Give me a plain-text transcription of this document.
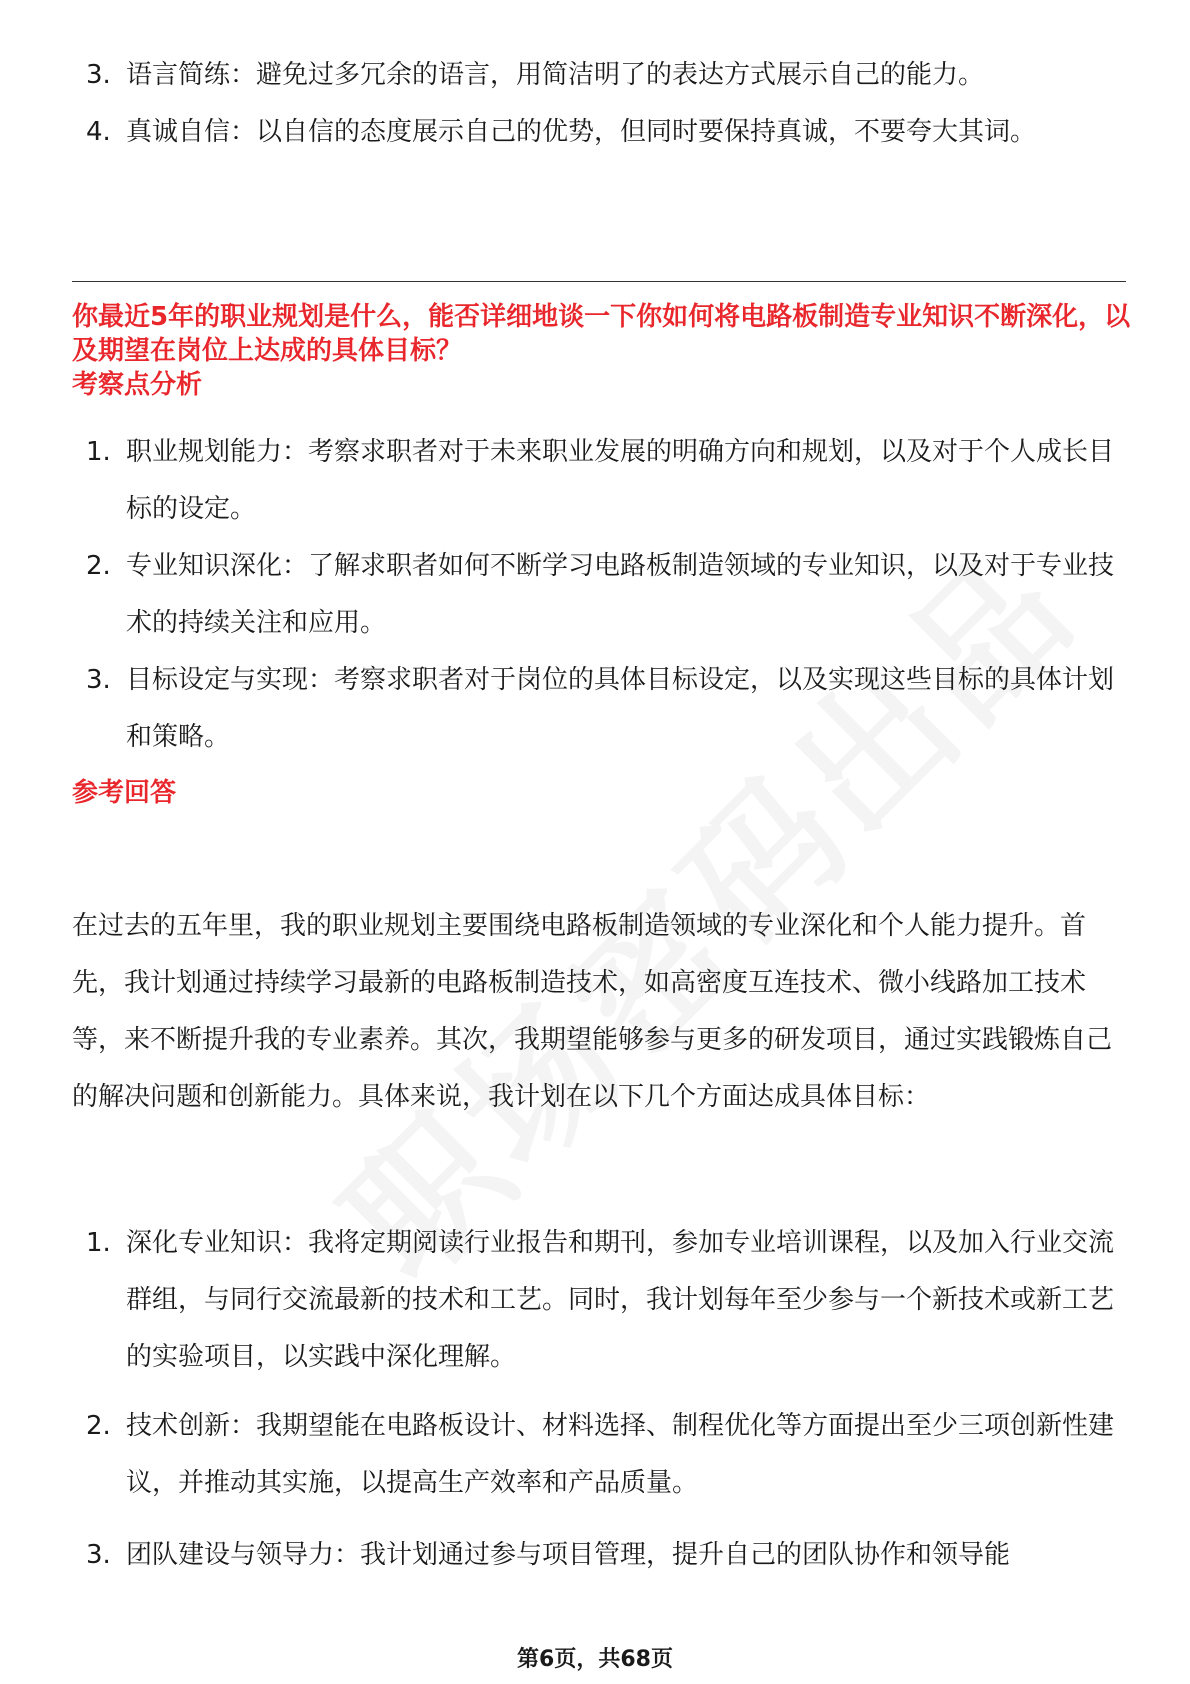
3. 语言简练：避免过多冗余的语言，用简洁明了的表达方式展示自己的能力。
4. 真诚自信：以自信的态度展示自己的优势，但同时要保持真诚，不要夸大其词。
你最近5年的职业规划是什么，能否详细地谈一下你如何将电路板制造专业知识不断深化，以及期望在岗位上达成的具体目标？
考察点分析
1. 职业规划能力：考察求职者对于未来职业发展的明确方向和规划，以及对于个人成长目标的设定。
2. 专业知识深化：了解求职者如何不断学习电路板制造领域的专业知识，以及对于专业技术的持续关注和应用。
3. 目标设定与实现：考察求职者对于岗位的具体目标设定，以及实现这些目标的具体计划和策略。
参考回答
在过去的五年里，我的职业规划主要围绕电路板制造领域的专业深化和个人能力提升。首先，我计划通过持续学习最新的电路板制造技术，如高密度互连技术、微小线路加工技术等，来不断提升我的专业素养。其次，我期望能够参与更多的研发项目，通过实践锻炼自己的解决问题和创新能力。具体来说，我计划在以下几个方面达成具体目标：
1. 深化专业知识：我将定期阅读行业报告和期刊，参加专业培训课程，以及加入行业交流群组，与同行交流最新的技术和工艺。同时，我计划每年至少参与一个新技术或新工艺的实验项目，以实践中深化理解。
2. 技术创新：我期望能在电路板设计、材料选择、制程优化等方面提出至少三项创新性建议，并推动其实施，以提高生产效率和产品质量。
3. 团队建设与领导力：我计划通过参与项目管理，提升自己的团队协作和领导能
第6页，共68页
